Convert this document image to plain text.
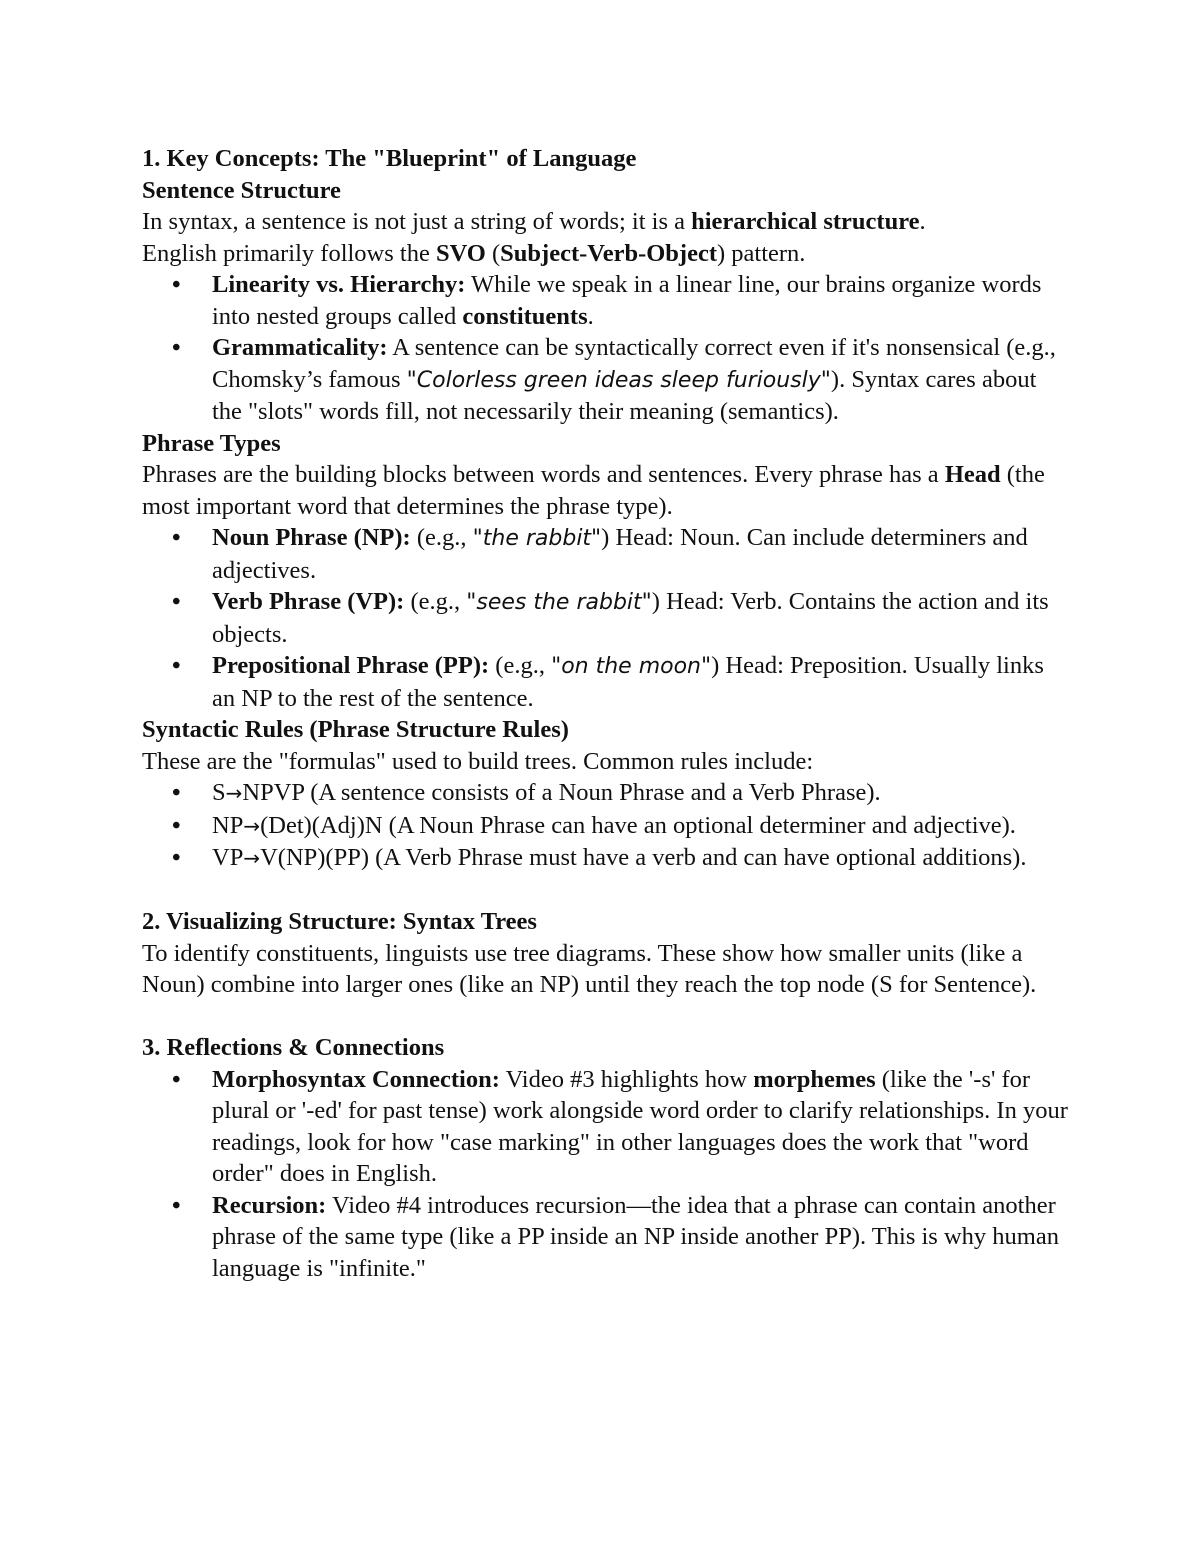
1. Key Concepts: The "Blueprint" of Language
Sentence Structure

In syntax, a sentence is not just a string of words; it is a hierarchical structure.

English primarily follows the SVO (Subject-Verb-Object) pattern.

• Linearity vs. Hierarchy: While we speak in a linear line, our brains organize words into nested groups called constituents.
• Grammaticality: A sentence can be syntactically correct even if it's nonsensical (e.g., Chomsky’s famous "Colorless green ideas sleep furiously"). Syntax cares about the "slots" words fill, not necessarily their meaning (semantics).
Phrase Types

Phrases are the building blocks between words and sentences. Every phrase has a Head (the most important word that determines the phrase type).

• Noun Phrase (NP): (e.g., "the rabbit") Head: Noun. Can include determiners and adjectives.
• Verb Phrase (VP): (e.g., "sees the rabbit") Head: Verb. Contains the action and its objects.
• Prepositional Phrase (PP): (e.g., "on the moon") Head: Preposition. Usually links an NP to the rest of the sentence.
Syntactic Rules (Phrase Structure Rules)

These are the "formulas" used to build trees. Common rules include:

• S→NPVP (A sentence consists of a Noun Phrase and a Verb Phrase).
• NP→(Det)(Adj)N (A Noun Phrase can have an optional determiner and adjective).
• VP→V(NP)(PP) (A Verb Phrase must have a verb and can have optional additions).
2. Visualizing Structure: Syntax Trees

To identify constituents, linguists use tree diagrams. These show how smaller units (like a Noun) combine into larger ones (like an NP) until they reach the top node (S for Sentence).

3. Reflections & Connections
• Morphosyntax Connection: Video #3 highlights how morphemes (like the '-s' for plural or '-ed' for past tense) work alongside word order to clarify relationships. In your readings, look for how "case marking" in other languages does the work that "word order" does in English.
• Recursion: Video #4 introduces recursion—the idea that a phrase can contain another phrase of the same type (like a PP inside an NP inside another PP). This is why human language is "infinite."
